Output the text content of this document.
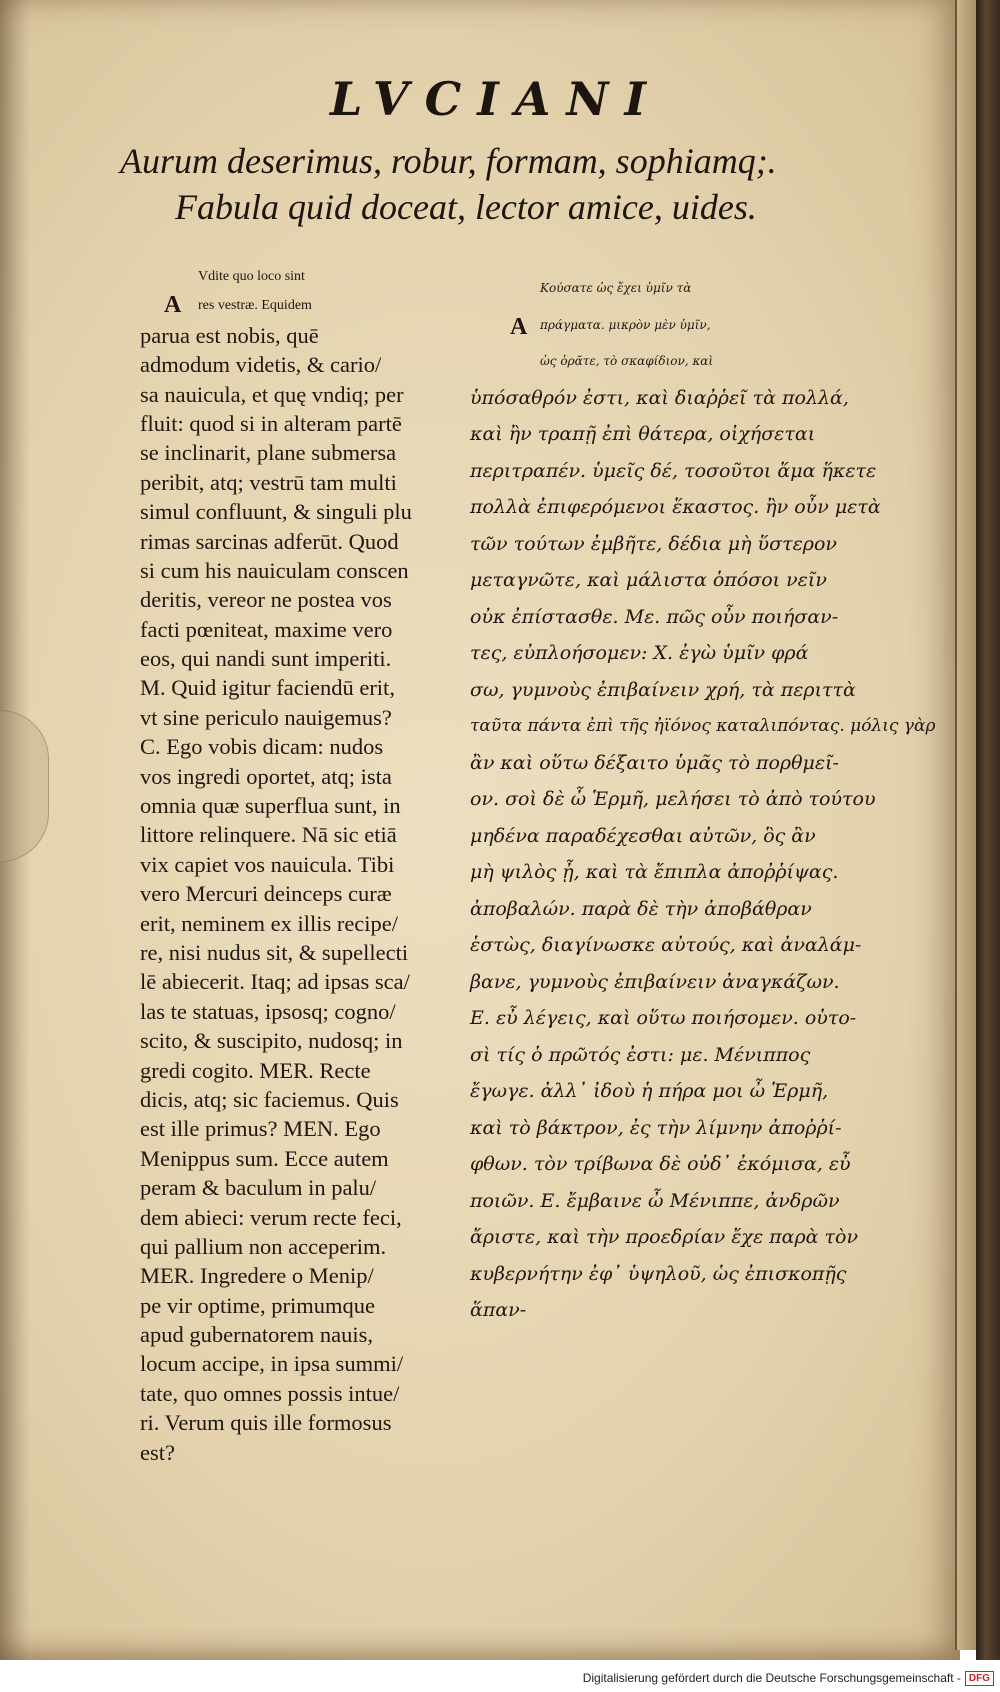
LVCIANI
Aurum deserimus, robur, formam, sophiamq;.
Fabula quid doceat, lector amice, uides.
A
A
Vdite quo loco sint
res vestræ. Equidem
parua est nobis, quē
admodum videtis, & cario/
sa nauicula, et quę vndiq; per
fluit: quod si in alteram partē
se inclinarit, plane submersa
peribit, atq; vestrū tam multi
simul confluunt, & singuli plu
rimas sarcinas adferūt. Quod
si cum his nauiculam conscen
deritis, vereor ne postea vos
facti pœniteat, maxime vero
eos, qui nandi sunt imperiti.
M. Quid igitur faciendū erit,
vt sine periculo nauigemus?
C. Ego vobis dicam: nudos
vos ingredi oportet, atq; ista
omnia quæ superflua sunt, in
littore relinquere. Nā sic etiā
vix capiet vos nauicula. Tibi
vero Mercuri deinceps curæ
erit, neminem ex illis recipe/
re, nisi nudus sit, & supellecti
lē abiecerit. Itaq; ad ipsas sca/
las te statuas, ipsosq; cogno/
scito, & suscipito, nudosq; in
gredi cogito. MER. Recte
dicis, atq; sic faciemus. Quis
est ille primus? MEN. Ego
Menippus sum. Ecce autem
peram & baculum in palu/
dem abieci: verum recte feci,
qui pallium non acceperim.
MER. Ingredere o Menip/
pe vir optime, primumque
apud gubernatorem nauis,
locum accipe, in ipsa summi/
tate, quo omnes possis intue/
ri. Verum quis ille formosus
est?
Κούσατε ὡς ἔχει ὑμῖν τὰ
πράγματα. μικρὸν μὲν ὑμῖν,
ὡς ὁρᾶτε, τὸ σκαφίδιον, καὶ
ὑπόσαθρόν ἐστι, καὶ διαῤῥεῖ τὰ πολλά,
καὶ ἢν τραπῇ ἐπὶ θάτερα, οἰχήσεται
περιτραπέν. ὑμεῖς δέ, τοσοῦτοι ἅμα ἥκετε
πολλὰ ἐπιφερόμενοι ἕκαστος. ἢν οὖν μετὰ
τῶν τούτων ἐμβῆτε, δέδια μὴ ὕστερον
μεταγνῶτε, καὶ μάλιστα ὁπόσοι νεῖν
οὐκ ἐπίστασθε. Με. πῶς οὖν ποιήσαν-
τες, εὐπλοήσομεν: Χ. ἐγὼ ὑμῖν φρά
σω, γυμνοὺς ἐπιβαίνειν χρή, τὰ περιττὰ
ταῦτα πάντα ἐπὶ τῆς ἠϊόνος καταλιπόντας. μόλις γὰρ
ἂν καὶ οὕτω δέξαιτο ὑμᾶς τὸ πορθμεῖ-
ον. σοὶ δὲ ὦ Ἑρμῆ, μελήσει τὸ ἀπὸ τούτου
μηδένα παραδέχεσθαι αὐτῶν, ὃς ἂν
μὴ ψιλὸς ᾖ, καὶ τὰ ἔπιπλα ἀποῤῥίψας.
ἀποβαλών. παρὰ δὲ τὴν ἀποβάθραν
ἑστὼς, διαγίνωσκε αὐτούς, καὶ ἀναλάμ-
βανε, γυμνοὺς ἐπιβαίνειν ἀναγκάζων.
Ε. εὖ λέγεις, καὶ οὕτω ποιήσομεν. οὑτο-
σὶ τίς ὁ πρῶτός ἐστι: με. Μένιππος
ἔγωγε. ἀλλ᾽ ἰδοὺ ἡ πήρα μοι ὦ Ἑρμῆ,
καὶ τὸ βάκτρον, ἐς τὴν λίμνην ἀποῤῥί-
φθων. τὸν τρίβωνα δὲ οὐδ᾽ ἐκόμισα, εὖ
ποιῶν. Ε. ἔμβαινε ὦ Μένιππε, ἀνδρῶν
ἄριστε, καὶ τὴν προεδρίαν ἔχε παρὰ τὸν
κυβερνήτην ἐφ᾽ ὑψηλοῦ, ὡς ἐπισκοπῇς
ἅπαν-
Digitalisierung gefördert durch die Deutsche Forschungsgemeinschaft - DFG
